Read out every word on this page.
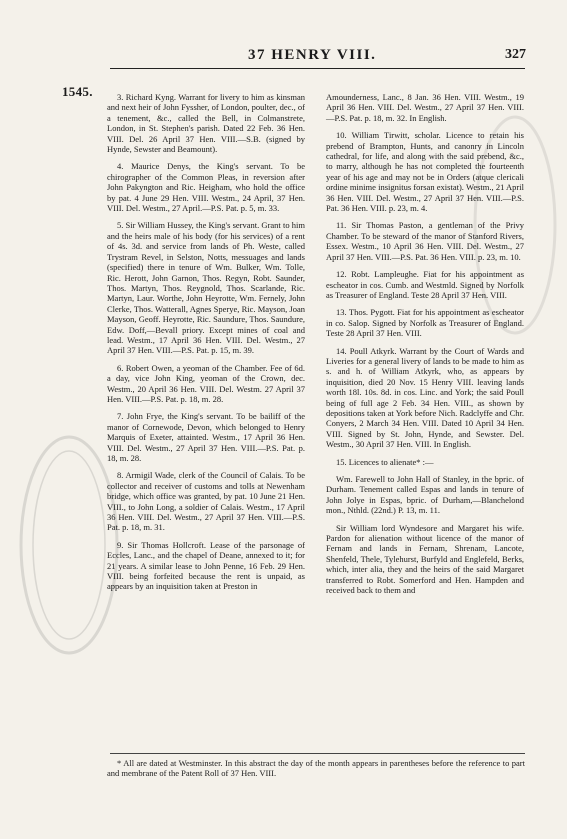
37 HENRY VIII.	327
1545.	3. Richard Kyng. Warrant for livery to him as kinsman and next heir of John Fyssher, of London, poulter, dec., of a tenement, &c., called the Bell, in Colmanstrete, London, in St. Stephen's parish. Dated 22 Feb. 36 Hen. VIII. Del. 26 April 37 Hen. VIII.—S.B. (signed by Hynde, Sewster and Beamount).

4. Maurice Denys, the King's servant. To be chirographer of the Common Pleas, in reversion after John Pakyngton and Ric. Heigham, who hold the office by pat. 4 June 29 Hen. VIII. Westm., 24 April, 37 Hen. VIII. Del. Westm., 27 April.—P.S. Pat. p. 5, m. 33.

5. Sir William Hussey, the King's servant. Grant to him and the heirs male of his body (for his services) of a rent of 4s. 3d. and service from lands of Ph. Weste, called Trystram Revel, in Selston, Notts, messuages and lands (specified) there in tenure of Wm. Bulker, Wm. Tolle, Ric. Herott, John Garnon, Thos. Regyn, Robt. Saunder, Thos. Martyn, Thos. Reygnold, Thos. Scarlande, Ric. Martyn, Laur. Worthe, John Heyrotte, Wm. Fernely, John Clerke, Thos. Watterall, Agnes Sperye, Ric. Mayson, Joan Mayson, Geoff. Heyrotte, Ric. Saundure, Thos. Saundure, Edw. Doff,—Bevall priory. Except mines of coal and lead. Westm., 17 April 36 Hen. VIII. Del. Westm., 27 April 37 Hen. VIII.—P.S. Pat. p. 15, m. 39.

6. Robert Owen, a yeoman of the Chamber. Fee of 6d. a day, vice John King, yeoman of the Crown, dec. Westm., 20 April 36 Hen. VIII. Del. Westm. 27 April 37 Hen. VIII.—P.S. Pat. p. 18, m. 28.

7. John Frye, the King's servant. To be bailiff of the manor of Cornewode, Devon, which belonged to Henry Marquis of Exeter, attainted. Westm., 17 April 36 Hen. VIII. Del. Westm., 27 April 37 Hen. VIII.—P.S. Pat. p. 18, m. 28.

8. Armigil Wade, clerk of the Council of Calais. To be collector and receiver of customs and tolls at Newenham bridge, which office was granted, by pat. 10 June 21 Hen. VIII., to John Long, a soldier of Calais. Westm., 17 April 36 Hen. VIII. Del. Westm., 27 April 37 Hen. VIII.—P.S. Pat. p. 18, m. 31.

9. Sir Thomas Hollcroft. Lease of the parsonage of Eccles, Lanc., and the chapel of Deane, annexed to it; for 21 years. A similar lease to John Penne, 16 Feb. 29 Hen. VIII. being forfeited because the rent is unpaid, as appears by an inquisition taken at Preston in

Amounderness, Lanc., 8 Jan. 36 Hen. VIII. Westm., 19 April 36 Hen. VIII. Del. Westm., 27 April 37 Hen. VIII.—P.S. Pat. p. 18, m. 32. In English.

10. William Tirwitt, scholar. Licence to retain his prebend of Brampton, Hunts, and canonry in Lincoln cathedral, for life, and along with the said prebend, &c., to marry, although he has not completed the fourteenth year of his age and may not be in Orders (atque clericali ordine minime insignitus forsan existat). Westm., 21 April 36 Hen. VIII. Del. Westm., 27 April 37 Hen. VIII.—P.S. Pat. 36 Hen. VIII. p. 23, m. 4.

11. Sir Thomas Paston, a gentleman of the Privy Chamber. To be steward of the manor of Stanford Rivers, Essex. Westm., 10 April 36 Hen. VIII. Del. Westm., 27 April 37 Hen. VIII.—P.S. Pat. 36 Hen. VIII. p. 23, m. 10.

12. Robt. Lampleughe. Fiat for his appointment as escheator in cos. Cumb. and Westmld. Signed by Norfolk as Treasurer of England. Teste 28 April 37 Hen. VIII.

13. Thos. Pygott. Fiat for his appointment as escheator in co. Salop. Signed by Norfolk as Treasurer of England. Teste 28 April 37 Hen. VIII.

14. Poull Atkyrk. Warrant by the Court of Wards and Liveries for a general livery of lands to be made to him as s. and h. of William Atkyrk, who, as appears by inquisition, died 20 Nov. 15 Henry VIII. leaving lands worth 18l. 10s. 8d. in cos. Linc. and York; the said Poull being of full age 2 Feb. 34 Hen. VIII., as shown by depositions taken at York before Nich. Radclyffe and Chr. Conyers, 2 March 34 Hen. VIII. Dated 10 April 34 Hen. VIII. Signed by St. John, Hynde, and Sewster. Del. Westm., 30 April 37 Hen. VIII. In English.

15. Licences to alienate* :—

Wm. Farewell to John Hall of Stanley, in the bpric. of Durham. Tenement called Espas and lands in tenure of John Jolye in Espas, bpric. of Durham,—Blanchelond mon., Nthld. (22nd.) P. 13, m. 11.

Sir William lord Wyndesore and Margaret his wife. Pardon for alienation without licence of the manor of Fernam and lands in Fernam, Shrenam, Lancote, Shenfeld, Thele, Tylehurst, Burfyld and Englefeld, Berks, which, inter alia, they and the heirs of the said Margaret transferred to Robt. Somerford and Hen. Hampden and received back to them and

* All are dated at Westminster. In this abstract the day of the month appears in parentheses before the reference to part and membrane of the Patent Roll of 37 Hen. VIII.
